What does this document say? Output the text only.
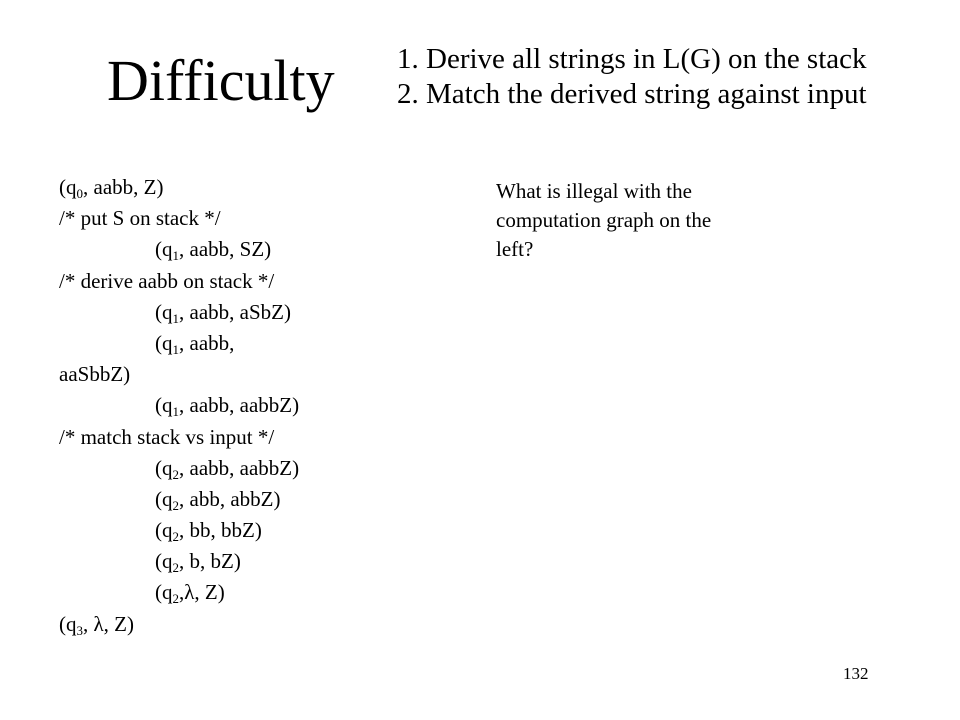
Difficulty 1. Derive all strings in L(G) on the stack
2. Match the derived string against input
($q_0$, aabb, Z)
/* put S on stack */
($q_1$, aabb, SZ)
/* derive aabb on stack */
($q_1$, aabb, aSbZ)
($q_1$, aabb,
aaSbbZ)
($q_1$, aabb, aabbZ)
/* match stack vs input */
($q_2$, aabb, aabbZ)
($q_2$, abb, abbZ)
($q_2$, bb, bbZ)
($q_2$, b, bZ)
($q_2,\lambda$, Z)
($q_3$, λ, Z)
What is illegal with the
computation graph on the
left?
132
